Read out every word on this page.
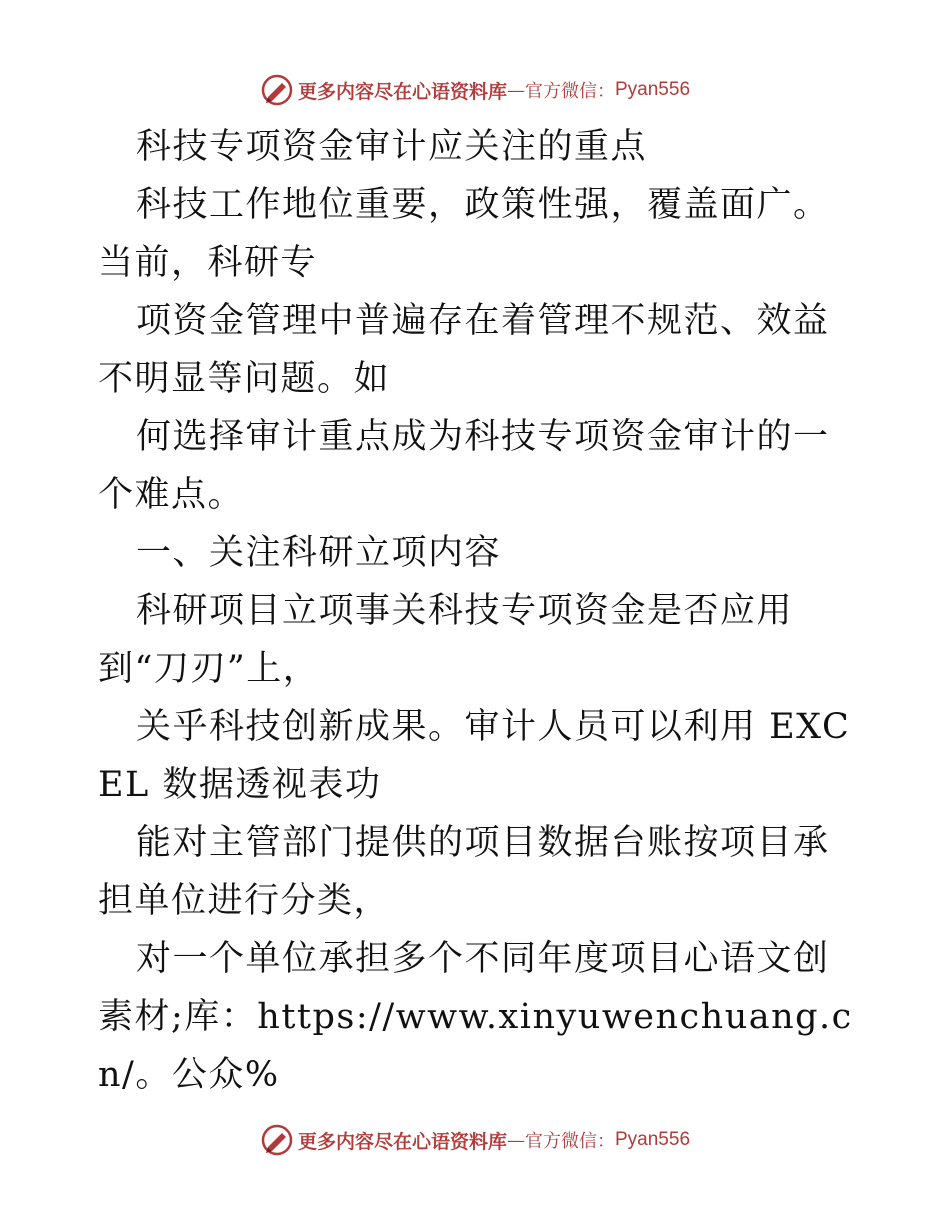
更多内容尽在心语资料库 — 官方微信： Pyan556

科技专项资金审计应关注的重点

科技工作地位重要，政策性强，覆盖面广。当前，科研专

项资金管理中普遍存在着管理不规范、效益不明显等问题。如

何选择审计重点成为科技专项资金审计的一个难点。

一、关注科研立项内容

科研项目立项事关科技专项资金是否应用到“刀刃”上，

关乎科技创新成果。审计人员可以利用 EXCEL 数据透视表功

能对主管部门提供的项目数据台账按项目承担单位进行分类，

对一个单位承担多个不同年度项目心语文创素材;库：https://www.xinyuwenchuang.cn/。公众%

更多内容尽在心语资料库 — 官方微信： Pyan556
